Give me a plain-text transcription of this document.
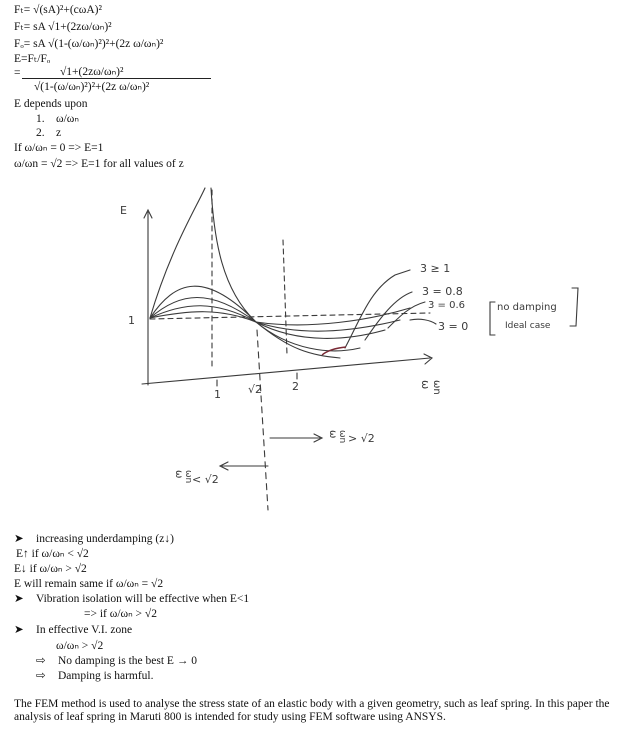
Fₜ= √(sA)²+(cωA)²
Fₜ= sA √1+(2zω/ωₙ)²
Fₒ= sA √(1-(ω/ωₙ)²)²+(2z ω/ωₙ)²
E=Fₜ/Fₒ
=	√1+(2zω/ωₙ)²
√(1-(ω/ωₙ)²)²+(2z ω/ωₙ)²
E depends upon
1. ω/ωₙ
2. z
If ω/ωₙ = 0 => E=1
ω/ωn = √2 => E=1 for all values of z
E
1
1 √2	2	ω ωn
3 ≥ 1
3 = 0.8
3 = 0.6
3 = 0
no damping
Ideal case
ω ωn > √2
ω ωn < √2
➤ increasing underdamping (z↓)
E↑ if ω/ωₙ < √2
E↓ if ω/ωₙ > √2
E will remain same if ω/ωₙ = √2
➤ Vibration isolation will be effective when E<1
=> if ω/ωₙ > √2
➤ In effective V.I. zone
ω/ωₙ > √2
⇨ No damping is the best E → 0
⇨ Damping is harmful.
The FEM method is used to analyse the stress state of an elastic body with a given geometry, such as leaf spring. In this paper the analysis of leaf spring in Maruti 800 is intended for study using FEM software using ANSYS.
